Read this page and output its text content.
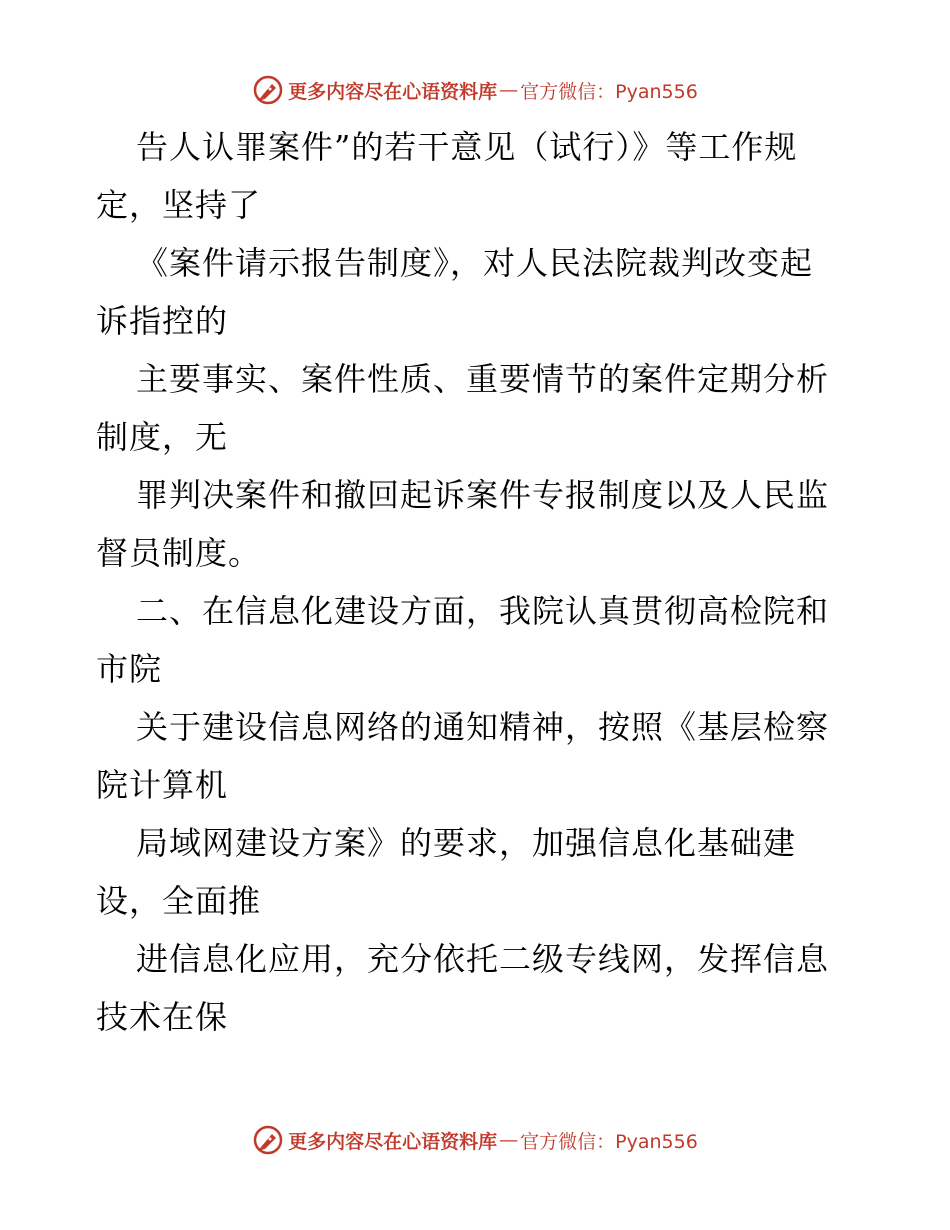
更多内容尽在心语资料库 — 官方微信：Pyan556
告人认罪案件”的若干意见（试行）》等工作规
定，坚持了
《案件请示报告制度》，对人民法院裁判改变起
诉指控的
主要事实、案件性质、重要情节的案件定期分析
制度，无
罪判决案件和撤回起诉案件专报制度以及人民监
督员制度。
二、在信息化建设方面，我院认真贯彻高检院和
市院
关于建设信息网络的通知精神，按照《基层检察
院计算机
局域网建设方案》的要求，加强信息化基础建
设，全面推
进信息化应用，充分依托二级专线网，发挥信息
技术在保
更多内容尽在心语资料库 — 官方微信：Pyan556
